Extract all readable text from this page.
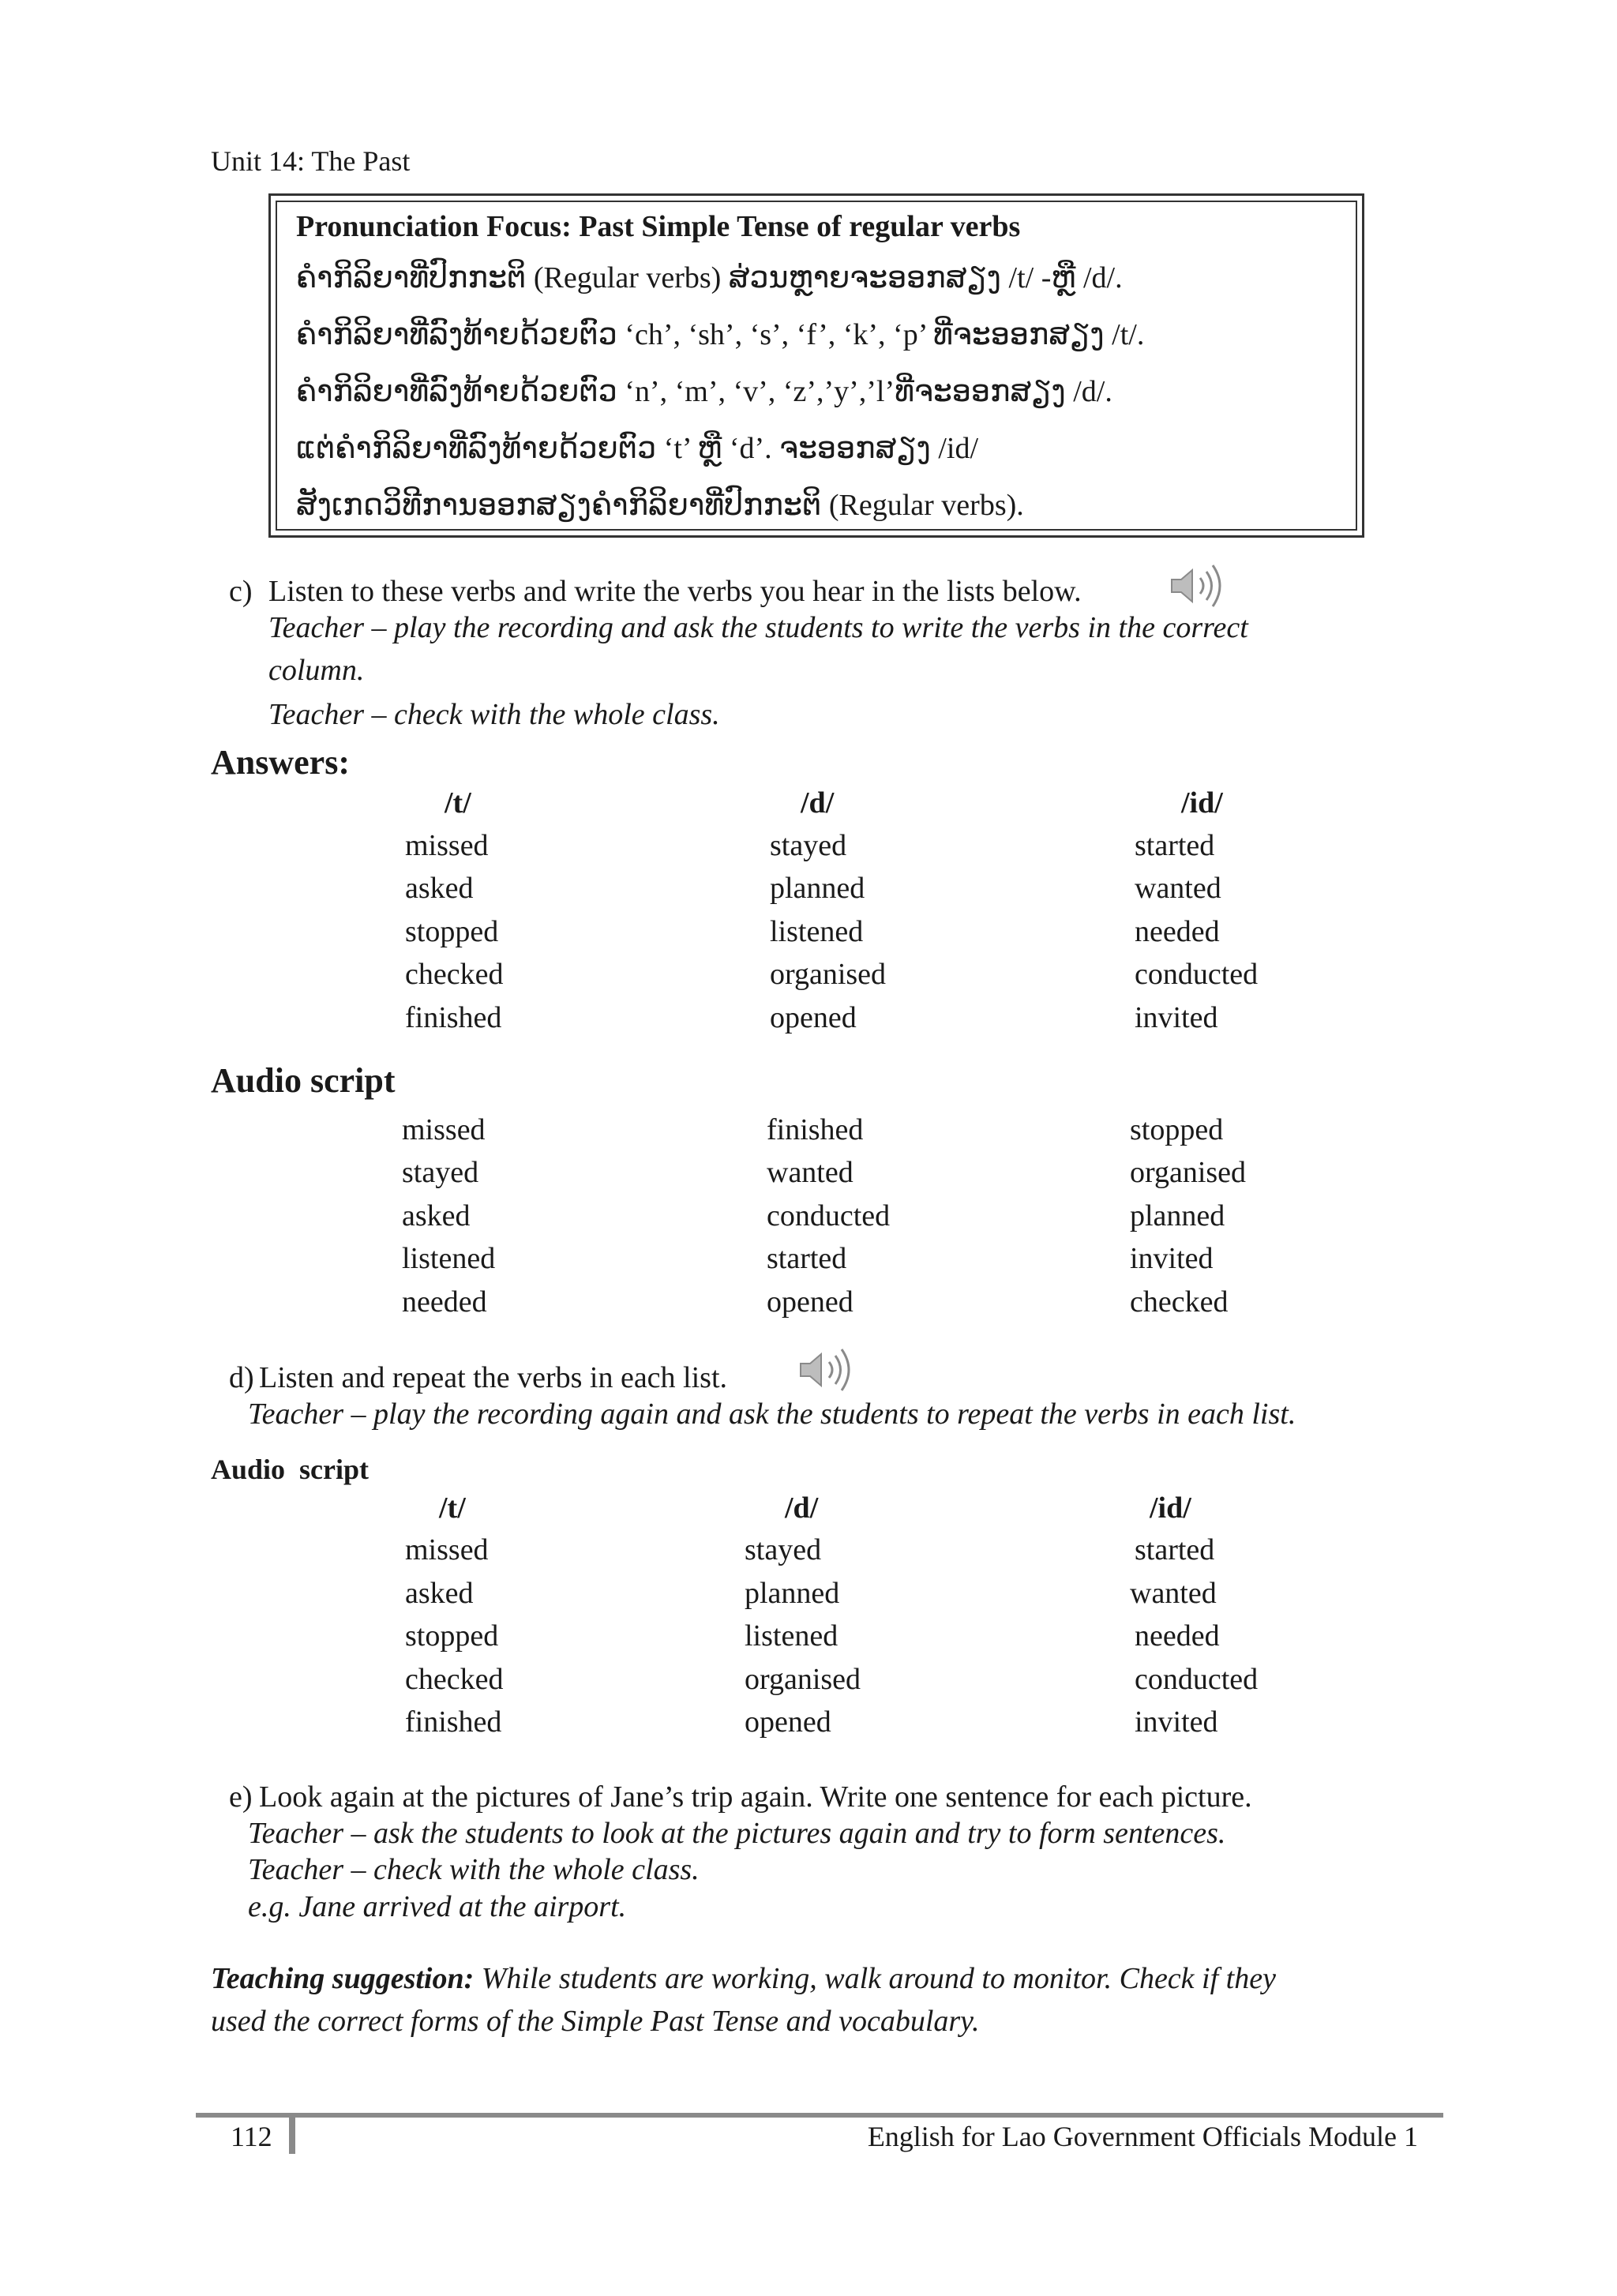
Unit 14: The Past
Pronunciation Focus: Past Simple Tense of regular verbs
ຄຳກິລິຍາທີ່ປົກກະຕິ (Regular verbs) ສ່ວນຫຼາຍຈະອອກສຽງ /t/ -ຫຼື /d/.
ຄຳກິລິຍາທີ່ລົງທ້າຍດ້ວຍຕົວ ‘ch’, ‘sh’, ‘s’, ‘f’, ‘k’, ‘p’ ທີ່ຈະອອກສຽງ /t/.
ຄຳກິລິຍາທີ່ລົງທ້າຍດ້ວຍຕົວ ‘n’, ‘m’, ‘v’, ‘z’,’y’,’l’ທີ່ຈະອອກສຽງ /d/.
ແຕ່ຄຳກິລິຍາທີ່ລົງທ້າຍດ້ວຍຕົວ ‘t’ ຫຼື ‘d’. ຈະອອກສຽງ /id/
ສັງເກດວິທີການອອກສຽງຄຳກິລິຍາທີ່ປົກກະຕິ (Regular verbs).
c) Listen to these verbs and write the verbs you hear in the lists below.
Teacher – play the recording and ask the students to write the verbs in the correct
column.
Teacher – check with the whole class.
Answers:
/t/	/d/	/id/
missed	stayed	started
asked	planned	wanted
stopped	listened	needed
checked	organised	conducted
finished	opened	invited
Audio script
missed	finished	stopped
stayed	wanted	organised
asked	conducted	planned
listened	started	invited
needed	opened	checked
d) Listen and repeat the verbs in each list.
Teacher – play the recording again and ask the students to repeat the verbs in each list.
Audio  script
/t/	/d/	/id/
missed	stayed	started
asked	planned	wanted
stopped	listened	needed
checked	organised	conducted
finished	opened	invited
e) Look again at the pictures of Jane’s trip again. Write one sentence for each picture.
Teacher – ask the students to look at the pictures again and try to form sentences.
Teacher – check with the whole class.
e.g. Jane arrived at the airport.
Teaching suggestion: While students are working, walk around to monitor. Check if they
used the correct forms of the Simple Past Tense and vocabulary.
112	English for Lao Government Officials Module 1
